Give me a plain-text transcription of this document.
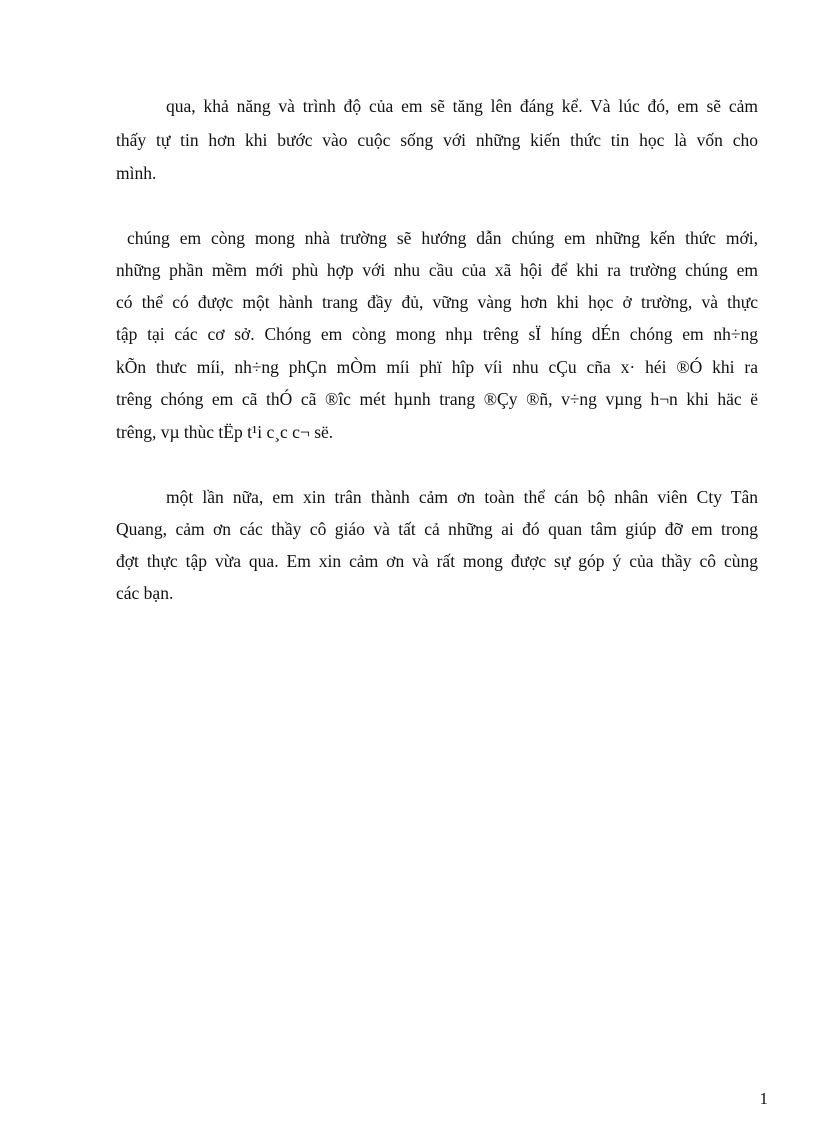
qua, khả năng và trình độ của em sẽ tăng lên đáng kể. Và lúc đó, em sẽ cảm
thấy tự tin hơn khi bước vào cuộc sống với những kiến thức tin học là vốn cho
mình.
chúng em còng mong nhà trường sẽ hướng dẫn chúng em những kến thức mới,
những phần mềm mới phù hợp với nhu cầu của xã hội để khi ra trường chúng em
có thể có được một hành trang đầy đủ, vững vàng hơn khi học ở trường, và thực
tập tại các cơ sở. Chóng em còng mong nhµ trêng sÏ híng dÉn chóng em nh÷ng
kÕn thưc míi, nh÷ng phÇn mÒm míi phï hîp víi nhu cÇu cña x· héi ®Ó khi ra
trêng chóng em cã thÓ cã ®îc mét hµnh trang ®Çy ®ñ, v÷ng vµng h¬n khi häc ë
trêng, vµ thùc tËp t¹i c¸c c¬ së.
một lần nữa, em xin trân thành cảm ơn toàn thể cán bộ nhân viên Cty Tân
Quang, cảm ơn các thầy cô giáo và tất cả những ai đó quan tâm giúp đỡ em trong
đợt thực tập vừa qua. Em xin cảm ơn và rất mong được sự góp ý của thầy cô cùng
các bạn.
1
